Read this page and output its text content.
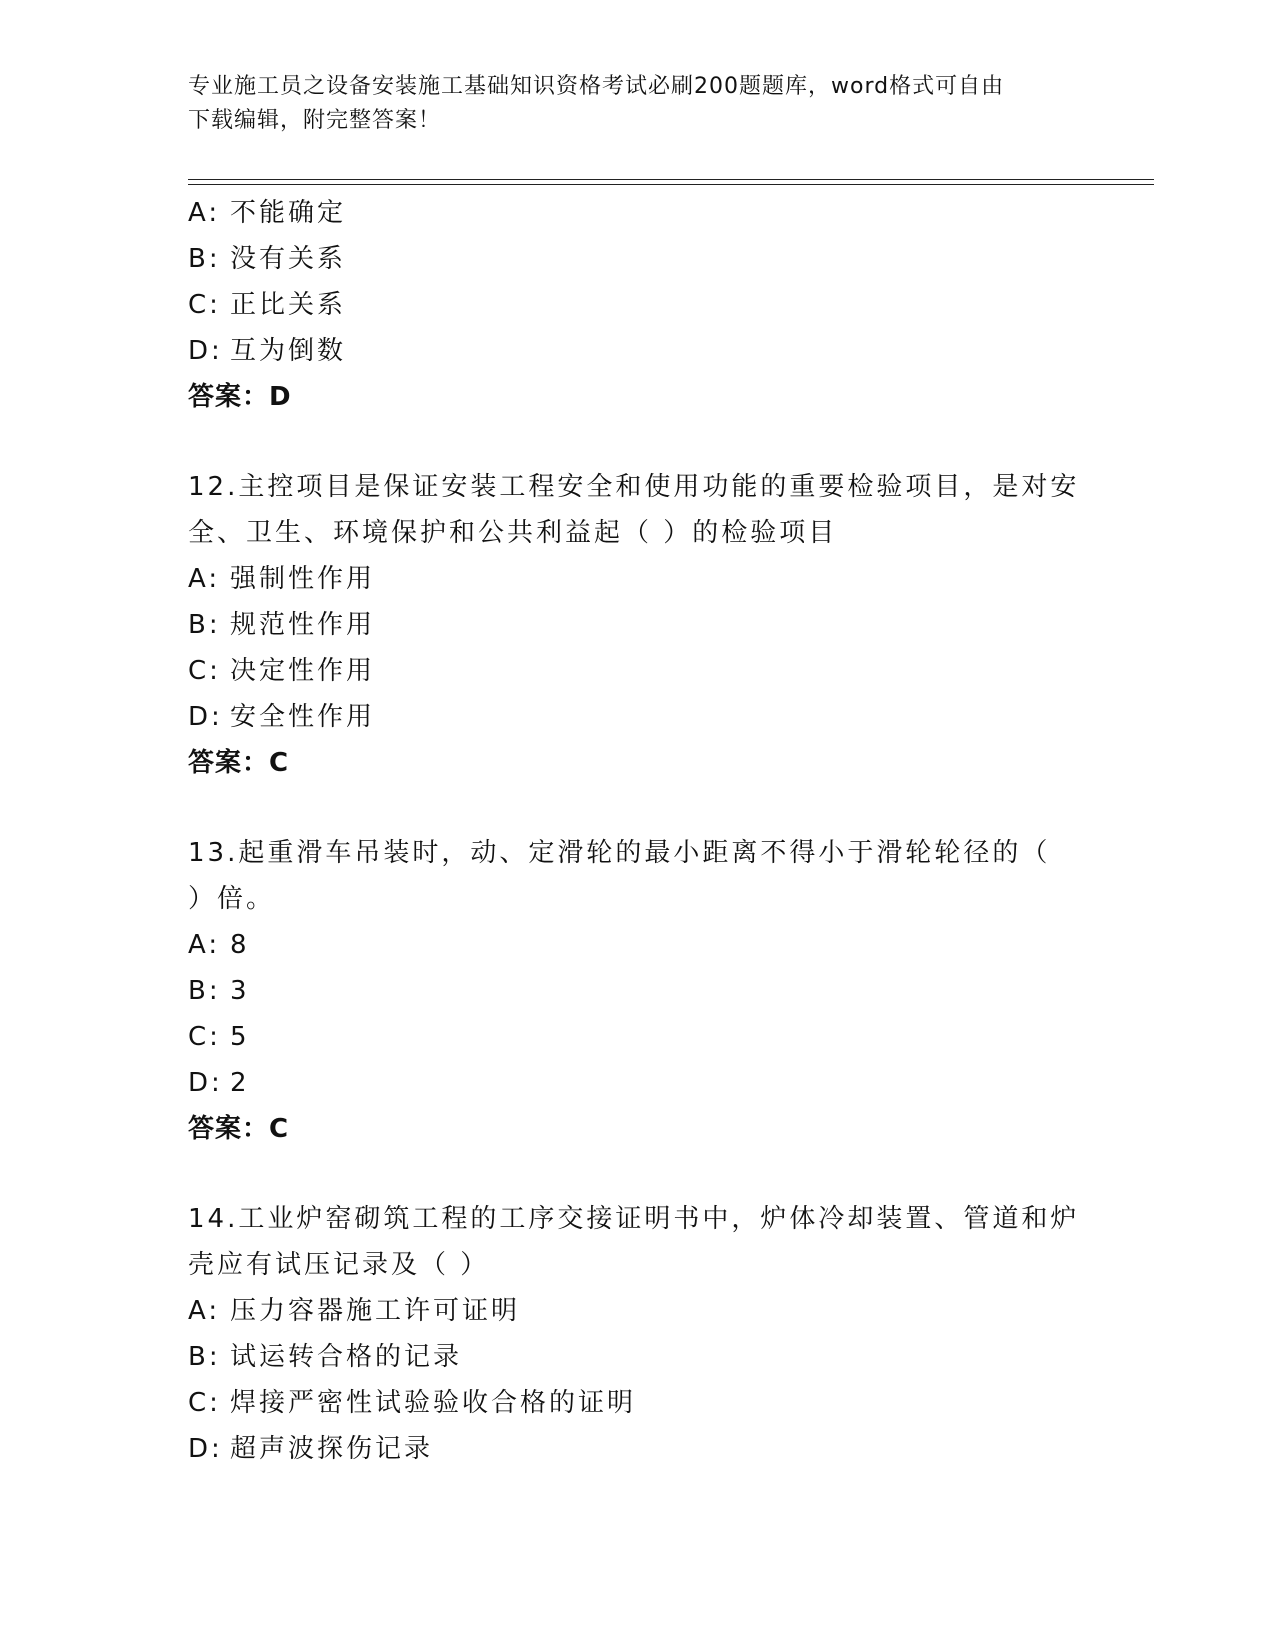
专业施工员之设备安装施工基础知识资格考试必刷200题题库，word格式可自由
下载编辑，附完整答案！
A: 不能确定
B: 没有关系
C: 正比关系
D: 互为倒数
答案：D
12.主控项目是保证安装工程安全和使用功能的重要检验项目，是对安
全、卫生、环境保护和公共利益起（ ）的检验项目
A: 强制性作用
B: 规范性作用
C: 决定性作用
D: 安全性作用
答案：C
13.起重滑车吊装时，动、定滑轮的最小距离不得小于滑轮轮径的（
）倍。
A: 8
B: 3
C: 5
D: 2
答案：C
14.工业炉窑砌筑工程的工序交接证明书中，炉体冷却装置、管道和炉
壳应有试压记录及（ ）
A: 压力容器施工许可证明
B: 试运转合格的记录
C: 焊接严密性试验验收合格的证明
D: 超声波探伤记录
